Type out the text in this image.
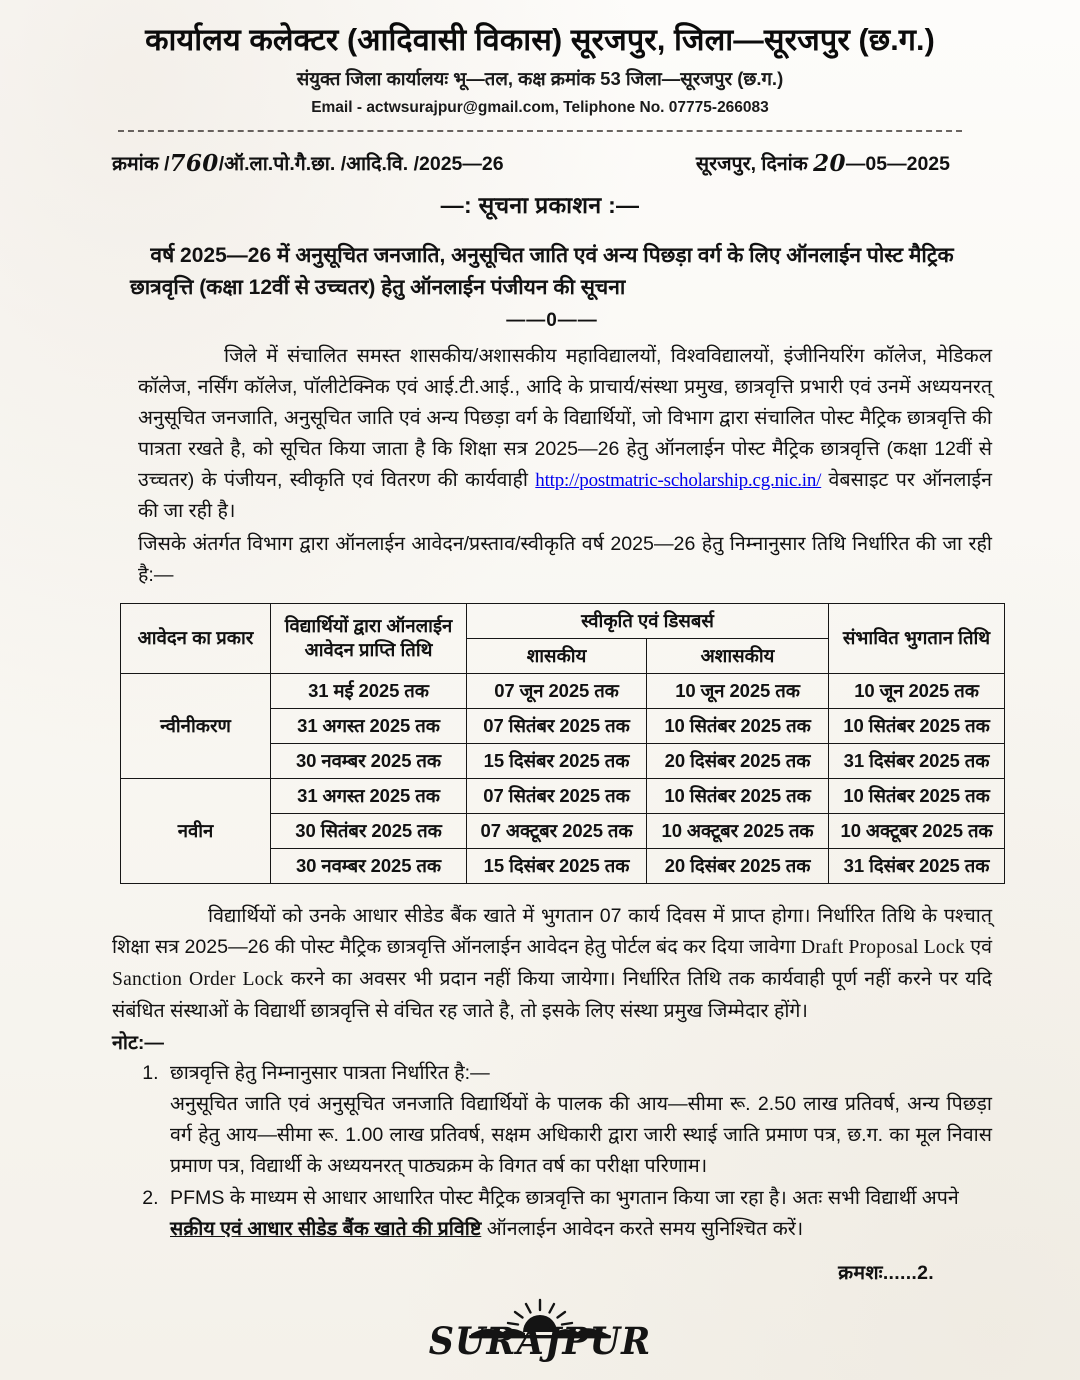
कार्यालय कलेक्टर (आदिवासी विकास) सूरजपुर, जिला—सूरजपुर (छ.ग.)
संयुक्त जिला कार्यालयः भू—तल, कक्ष क्रमांक 53 जिला—सूरजपुर (छ.ग.)
Email - actwsurajpur@gmail.com, Teliphone No. 07775-266083
क्रमांक /760/ऑ.ला.पो.गै.छा. /आदि.वि. /2025—26	सूरजपुर, दिनांक 20—05—2025
—: सूचना प्रकाशन :—
वर्ष 2025—26 में अनुसूचित जनजाति, अनुसूचित जाति एवं अन्य पिछड़ा वर्ग के लिए ऑनलाईन पोस्ट मैट्रिक छात्रवृत्ति (कक्षा 12वीं से उच्चतर) हेतु ऑनलाईन पंजीयन की सूचना
——0——
जिले में संचालित समस्त शासकीय/अशासकीय महाविद्यालयों, विश्वविद्यालयों, इंजीनियरिंग कॉलेज, मेडिकल कॉलेज, नर्सिंग कॉलेज, पॉलीटेक्निक एवं आई.टी.आई., आदि के प्राचार्य/संस्था प्रमुख, छात्रवृत्ति प्रभारी एवं उनमें अध्ययनरत् अनुसूचित जनजाति, अनुसूचित जाति एवं अन्य पिछड़ा वर्ग के विद्यार्थियों, जो विभाग द्वारा संचालित पोस्ट मैट्रिक छात्रवृत्ति की पात्रता रखते है, को सूचित किया जाता है कि शिक्षा सत्र 2025—26 हेतु ऑनलाईन पोस्ट मैट्रिक छात्रवृत्ति (कक्षा 12वीं से उच्चतर) के पंजीयन, स्वीकृति एवं वितरण की कार्यवाही http://postmatric-scholarship.cg.nic.in/ वेबसाइट पर ऑनलाईन की जा रही है।
जिसके अंतर्गत विभाग द्वारा ऑनलाईन आवेदन/प्रस्ताव/स्वीकृति वर्ष 2025—26 हेतु निम्नानुसार तिथि निर्धारित की जा रही है:—
आवेदन का प्रकार	विद्यार्थियों द्वारा ऑनलाईन आवेदन प्राप्ति तिथि	स्वीकृति एवं डिसबर्स		संभावित भुगतान तिथि
		शासकीय	अशासकीय	
न्वीनीकरण	31 मई 2025 तक	07 जून 2025 तक	10 जून 2025 तक	10 जून 2025 तक
	31 अगस्त 2025 तक	07 सितंबर 2025 तक	10 सितंबर 2025 तक	10 सितंबर 2025 तक
	30 नवम्बर 2025 तक	15 दिसंबर 2025 तक	20 दिसंबर 2025 तक	31 दिसंबर 2025 तक
नवीन	31 अगस्त 2025 तक	07 सितंबर 2025 तक	10 सितंबर 2025 तक	10 सितंबर 2025 तक
	30 सितंबर 2025 तक	07 अक्टूबर 2025 तक	10 अक्टूबर 2025 तक	10 अक्टूबर 2025 तक
	30 नवम्बर 2025 तक	15 दिसंबर 2025 तक	20 दिसंबर 2025 तक	31 दिसंबर 2025 तक
विद्यार्थियों को उनके आधार सीडेड बैंक खाते में भुगतान 07 कार्य दिवस में प्राप्त होगा। निर्धारित तिथि के पश्चात् शिक्षा सत्र 2025—26 की पोस्ट मैट्रिक छात्रवृत्ति ऑनलाईन आवेदन हेतु पोर्टल बंद कर दिया जावेगा Draft Proposal Lock एवं Sanction Order Lock करने का अवसर भी प्रदान नहीं किया जायेगा। निर्धारित तिथि तक कार्यवाही पूर्ण नहीं करने पर यदि संबंधित संस्थाओं के विद्यार्थी छात्रवृत्ति से वंचित रह जाते है, तो इसके लिए संस्था प्रमुख जिम्मेदार होंगे।
नोट:—
1. छात्रवृत्ति हेतु निम्नानुसार पात्रता निर्धारित है:—
अनुसूचित जाति एवं अनुसूचित जनजाति विद्यार्थियों के पालक की आय—सीमा रू. 2.50 लाख प्रतिवर्ष, अन्य पिछड़ा वर्ग हेतु आय—सीमा रू. 1.00 लाख प्रतिवर्ष, सक्षम अधिकारी द्वारा जारी स्थाई जाति प्रमाण पत्र, छ.ग. का मूल निवास प्रमाण पत्र, विद्यार्थी के अध्ययनरत् पाठ्यक्रम के विगत वर्ष का परीक्षा परिणाम।
2. PFMS के माध्यम से आधार आधारित पोस्ट मैट्रिक छात्रवृत्ति का भुगतान किया जा रहा है। अतः सभी विद्यार्थी अपने सक्रीय एवं आधार सीडेड बैंक खाते की प्रविष्टि ऑनलाईन आवेदन करते समय सुनिश्चित करें।
क्रमशः......2.
SURAJPUR
